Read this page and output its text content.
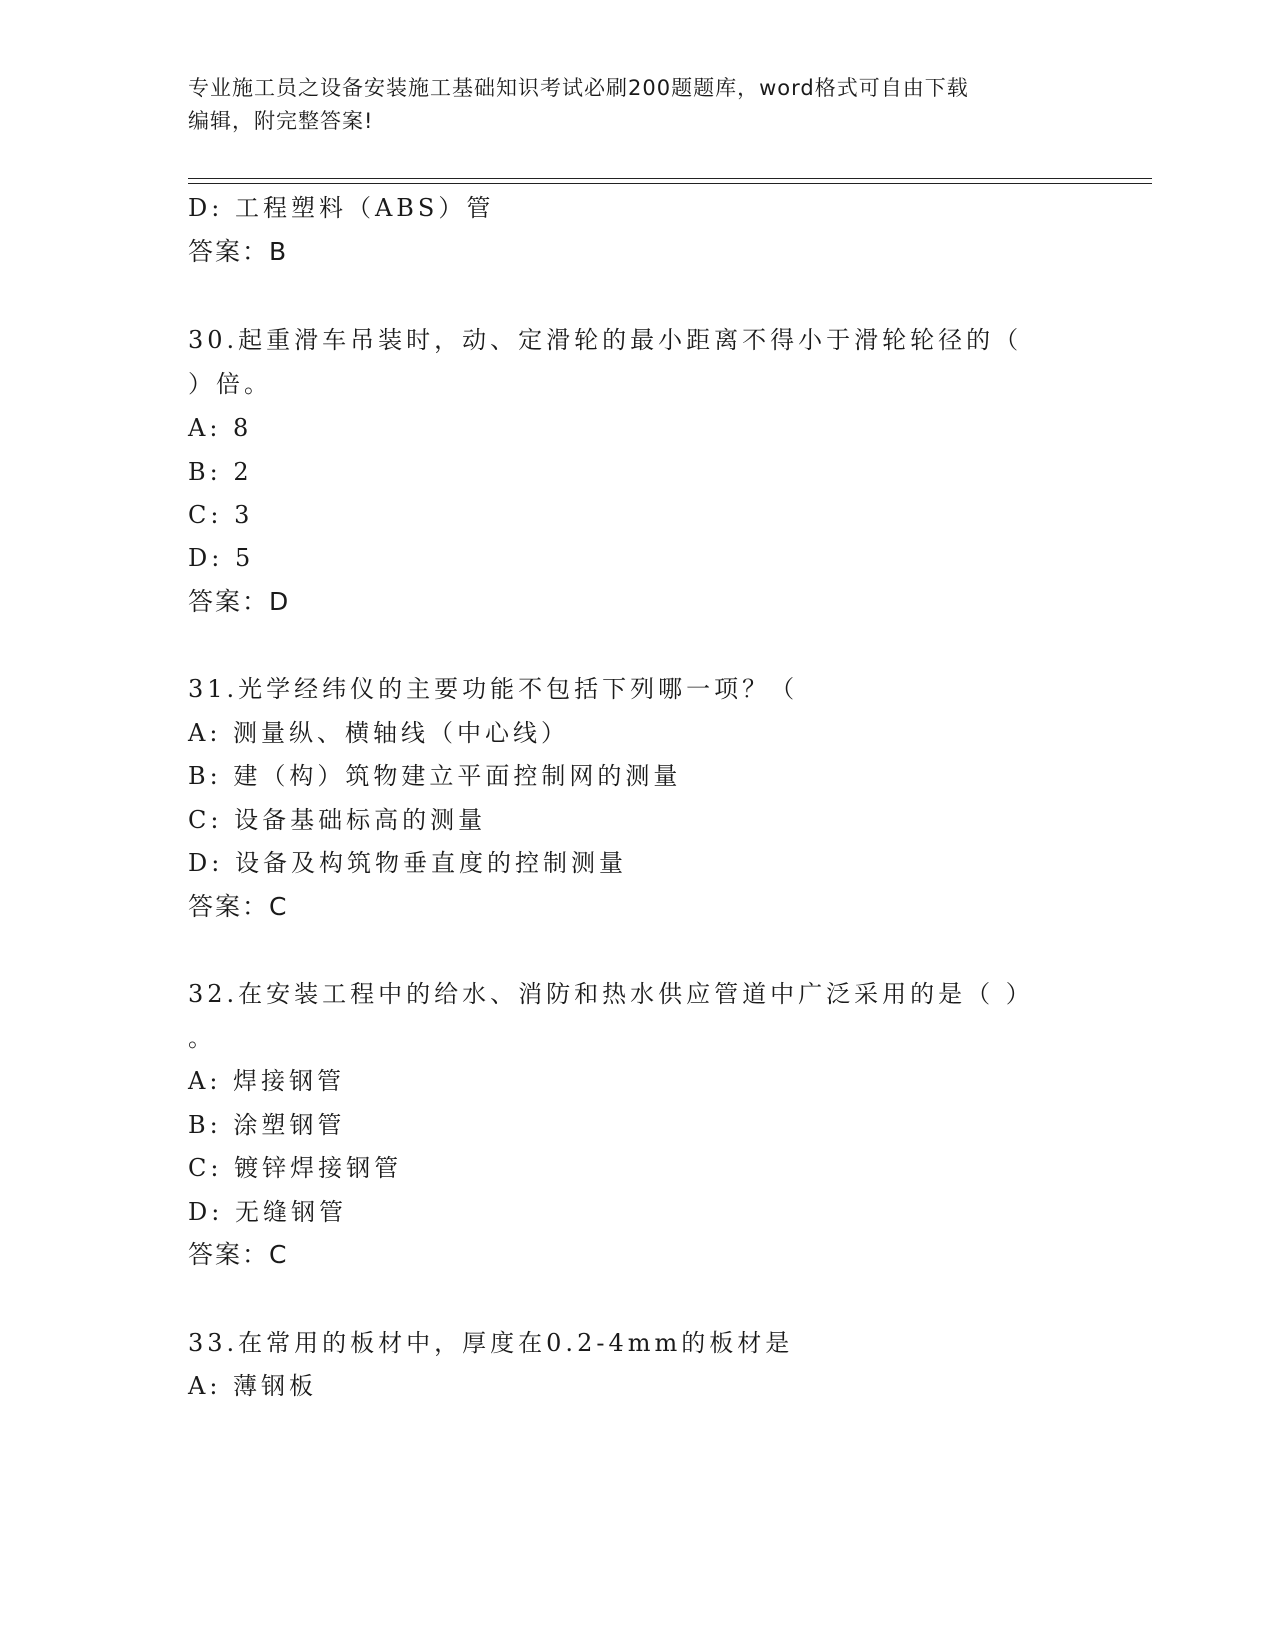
专业施工员之设备安装施工基础知识考试必刷200题题库，word格式可自由下载
编辑，附完整答案!
D: 工程塑料（ABS）管
答案：B
30.起重滑车吊装时，动、定滑轮的最小距离不得小于滑轮轮径的（
）倍。
A: 8
B: 2
C: 3
D: 5
答案：D
31.光学经纬仪的主要功能不包括下列哪一项？（
A: 测量纵、横轴线（中心线）
B: 建（构）筑物建立平面控制网的测量
C: 设备基础标高的测量
D: 设备及构筑物垂直度的控制测量
答案：C
32.在安装工程中的给水、消防和热水供应管道中广泛采用的是（ ）
。
A: 焊接钢管
B: 涂塑钢管
C: 镀锌焊接钢管
D: 无缝钢管
答案：C
33.在常用的板材中，厚度在0.2-4mm的板材是
A: 薄钢板
